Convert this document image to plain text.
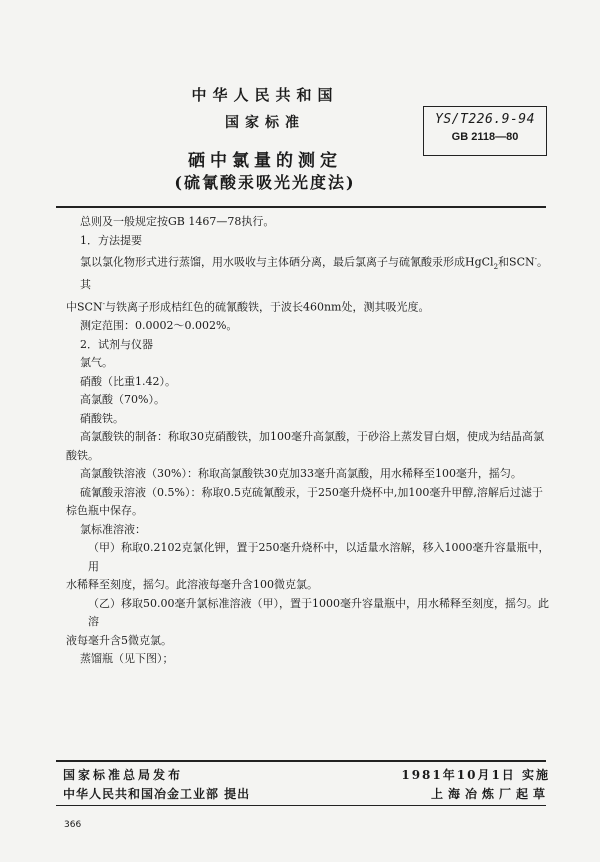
中华人民共和国
国家标准
硒中氯量的测定
(硫氰酸汞吸光光度法)
YS/T226.9-94
GB 2118—80

总则及一般规定按GB 1467—78执行。

1．方法提要

氯以氯化物形式进行蒸馏，用水吸收与主体硒分离，最后氯离子与硫氰酸汞形成HgCl$_2$和SCN-。其

中SCN-与铁离子形成桔红色的硫氰酸铁，于波长460nm处，测其吸光度。

测定范围：0.0002～0.002%。

2．试剂与仪器

氯气。

硝酸（比重1.42）。

高氯酸（70%）。

硝酸铁。

高氯酸铁的制备：称取30克硝酸铁，加100毫升高氯酸，于砂浴上蒸发冒白烟，使成为结晶高氯

酸铁。

高氯酸铁溶液（30%）：称取高氯酸铁30克加33毫升高氯酸，用水稀释至100毫升，摇匀。

硫氰酸汞溶液（0.5%）：称取0.5克硫氰酸汞，于250毫升烧杯中,加100毫升甲醇,溶解后过滤于

棕色瓶中保存。

氯标准溶液：

（甲）称取0.2102克氯化钾，置于250毫升烧杯中，以适量水溶解，移入1000毫升容量瓶中，用

水稀释至刻度，摇匀。此溶液每毫升含100微克氯。

（乙）移取50.00毫升氯标准溶液（甲），置于1000毫升容量瓶中，用水稀释至刻度，摇匀。此溶

液每毫升含5微克氯。

蒸馏瓶（见下图）；

国家标准总局发布	1981年10月1日 实施
中华人民共和国冶金工业部 提出	上海冶炼厂起草
366
